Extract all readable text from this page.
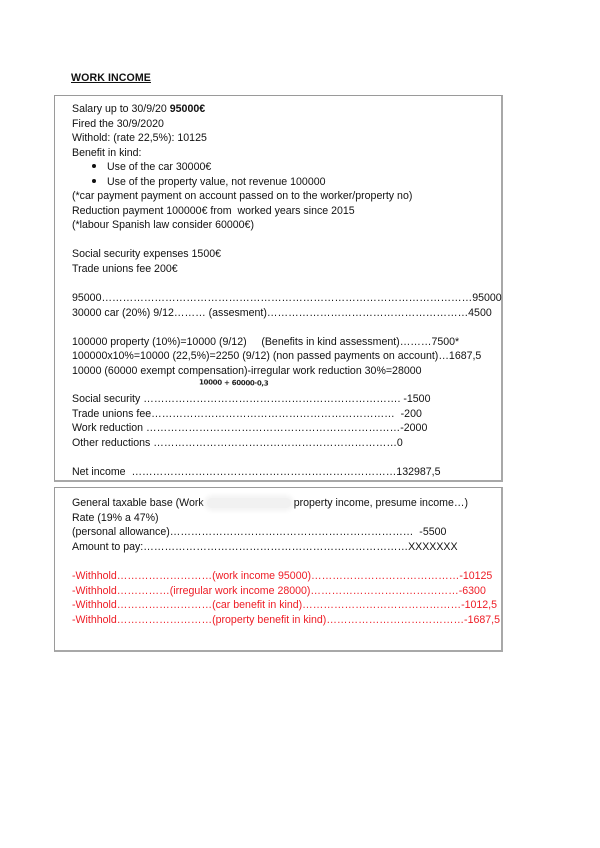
WORK INCOME
Salary up to 30/9/20 95000€
Fired the 30/9/2020
Withold: (rate 22,5%): 10125
Benefit in kind:
Use of the car 30000€
Use of the property value, not revenue 100000
(*car payment payment on account passed on to the worker/property no)
Reduction payment 100000€ from  worked years since 2015
(*labour Spanish law consider 60000€)
Social security expenses 1500€
Trade unions fee 200€
95000……………………………………………………………………………………………95000
30000 car (20%) 9/12……… (assesment)…………………………………………………4500
100000 property (10%)=10000 (9/12)     (Benefits in kind assessment)………7500*
100000x10%=10000 (22,5%)=2250 (9/12) (non passed payments on account)…1687,5
10000 (60000 exempt compensation)-irregular work reduction 30%=28000
10000 + 60000·0,3
Social security ………………………………………………………………. -1500
Trade unions fee……………………………………………………………  -200
Work reduction ………………………………………………………………-2000
Other reductions ……………………………………………………………0
Net income  …………………………………………………………………132987,5
General taxable base (Work	property income, presume income…)
Rate (19% a 47%)
(personal allowance)……………………………………………………………  -5500
Amount to pay:…………………………………………………………………XXXXXXX
-Withhold………………………(work income 95000)……………………………………-10125
-Withhold……………(irregular work income 28000)……………………………………-6300
-Withhold………………………(car benefit in kind)………………………………………-1012,5
-Withhold………………………(property benefit in kind)…………………………………-1687,5
